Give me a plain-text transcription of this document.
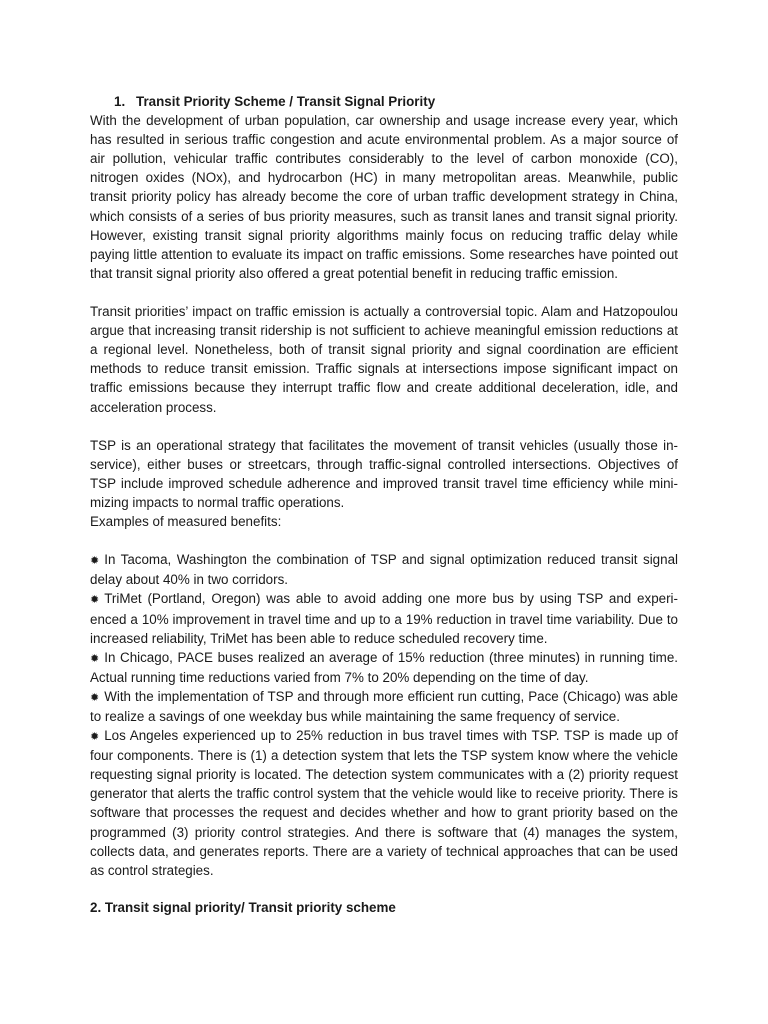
1. Transit Priority Scheme / Transit Signal Priority

With the development of urban population, car ownership and usage increase every year, which has resulted in serious traffic congestion and acute environmental problem. As a major source of air pollution, vehicular traffic contributes considerably to the level of carbon monoxide (CO), nitrogen oxides (NOx), and hydrocarbon (HC) in many metropolitan areas. Meanwhile, public transit priority policy has already become the core of urban traffic development strategy in China, which consists of a series of bus priority measures, such as transit lanes and transit signal priority. However, existing transit signal priority algorithms mainly focus on reducing traffic delay while paying little attention to evaluate its impact on traffic emissions. Some researches have pointed out that transit signal priority also offered a great potential benefit in reducing traffic emission.

Transit priorities’ impact on traffic emission is actually a controversial topic. Alam and Hatzopoulou argue that increasing transit ridership is not sufficient to achieve meaningful emission reductions at a regional level. Nonetheless, both of transit signal priority and signal coordination are efficient methods to reduce transit emission. Traffic signals at intersections impose significant impact on traffic emissions because they interrupt traffic flow and create additional deceleration, idle, and acceleration process.

TSP is an operational strategy that facilitates the movement of transit vehicles (usually those in-service), either buses or streetcars, through traffic-signal controlled intersections. Objectives of TSP include improved schedule adherence and improved transit travel time efficiency while mini-mizing impacts to normal traffic operations.

Examples of measured benefits:

✹ In Tacoma, Washington the combination of TSP and signal optimization reduced transit signal delay about 40% in two corridors.

✹ TriMet (Portland, Oregon) was able to avoid adding one more bus by using TSP and experi-enced a 10% improvement in travel time and up to a 19% reduction in travel time variability. Due to increased reliability, TriMet has been able to reduce scheduled recovery time.

✹ In Chicago, PACE buses realized an average of 15% reduction (three minutes) in running time. Actual running time reductions varied from 7% to 20% depending on the time of day.

✹ With the implementation of TSP and through more efficient run cutting, Pace (Chicago) was able to realize a savings of one weekday bus while maintaining the same frequency of service.

✹ Los Angeles experienced up to 25% reduction in bus travel times with TSP. TSP is made up of four components. There is (1) a detection system that lets the TSP system know where the vehicle requesting signal priority is located. The detection system communicates with a (2) priority request generator that alerts the traffic control system that the vehicle would like to receive priority. There is software that processes the request and decides whether and how to grant priority based on the programmed (3) priority control strategies. And there is software that (4) manages the system, collects data, and generates reports. There are a variety of technical approaches that can be used as control strategies.

2. Transit signal priority/ Transit priority scheme
